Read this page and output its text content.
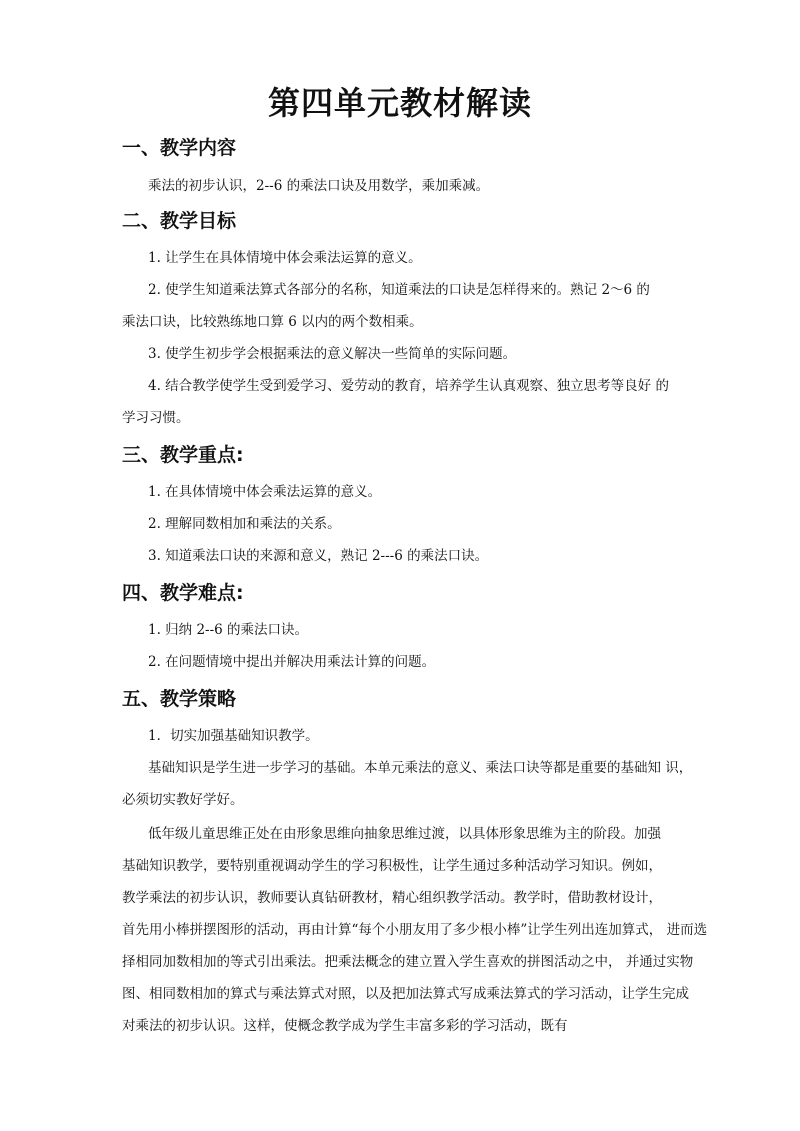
第四单元教材解读
一、教学内容
乘法的初步认识，2--6 的乘法口诀及用数学，乘加乘减。
二、教学目标
1. 让学生在具体情境中体会乘法运算的意义。
2. 使学生知道乘法算式各部分的名称，知道乘法的口诀是怎样得来的。熟记 2～6 的
乘法口诀，比较熟练地口算 6 以内的两个数相乘。
3. 使学生初步学会根据乘法的意义解决一些简单的实际问题。
4. 结合教学使学生受到爱学习、爱劳动的教育，培养学生认真观察、独立思考等良好 的
学习习惯。
三、教学重点:
1. 在具体情境中体会乘法运算的意义。
2. 理解同数相加和乘法的关系。
3. 知道乘法口诀的来源和意义，熟记 2---6 的乘法口诀。
四、教学难点:
1. 归纳 2--6 的乘法口诀。
2. 在问题情境中提出并解决用乘法计算的问题。
五、教学策略
1．切实加强基础知识教学。
基础知识是学生进一步学习的基础。本单元乘法的意义、乘法口诀等都是重要的基础知 识，
必须切实教好学好。
低年级儿童思维正处在由形象思维向抽象思维过渡，以具体形象思维为主的阶段。加强
基础知识教学，要特别重视调动学生的学习积极性，让学生通过多种活动学习知识。例如，
教学乘法的初步认识，教师要认真钻研教材，精心组织教学活动。教学时，借助教材设计，
首先用小棒拼摆图形的活动，再由计算“每个小朋友用了多少根小棒”让学生列出连加算式， 进而选
择相同加数相加的等式引出乘法。把乘法概念的建立置入学生喜欢的拼图活动之中， 并通过实物
图、相同数相加的算式与乘法算式对照，以及把加法算式写成乘法算式的学习活动，让学生完成
对乘法的初步认识。这样，使概念教学成为学生丰富多彩的学习活动，既有
